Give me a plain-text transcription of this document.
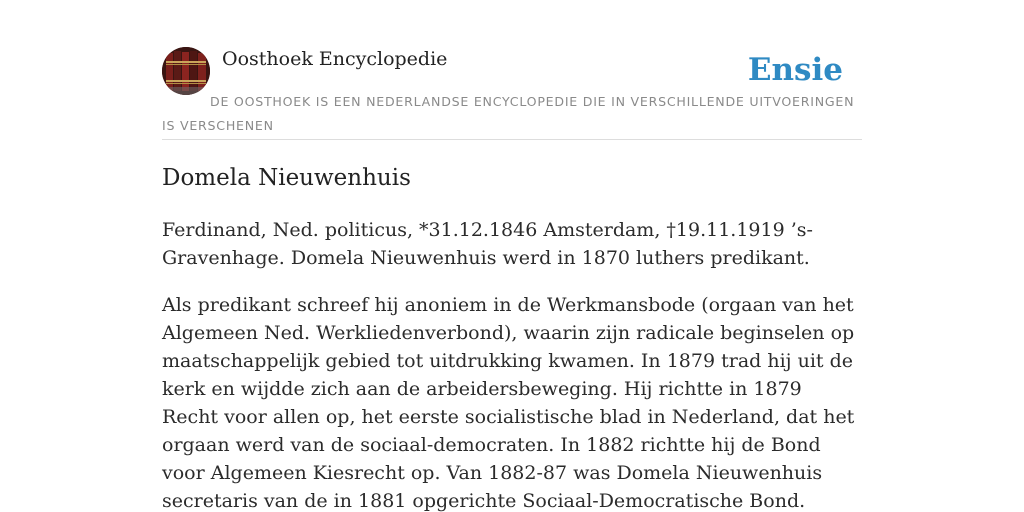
Oosthoek Encyclopedie	Ensie
DE OOSTHOEK IS EEN NEDERLANDSE ENCYCLOPEDIE DIE IN VERSCHILLENDE UITVOERINGEN IS VERSCHENEN
Domela Nieuwenhuis

Ferdinand, Ned. politicus, *31.12.1846 Amsterdam, †19.11.1919 ’s-Gravenhage. Domela Nieuwenhuis werd in 1870 luthers predikant.

Als predikant schreef hij anoniem in de Werkmansbode (orgaan van het Algemeen Ned. Werkliedenverbond), waarin zijn radicale beginselen op maatschappelijk gebied tot uitdrukking kwamen. In 1879 trad hij uit de kerk en wijdde zich aan de arbeidersbeweging. Hij richtte in 1879 Recht voor allen op, het eerste socialistische blad in Nederland, dat het orgaan werd van de sociaal-democraten. In 1882 richtte hij de Bond voor Algemeen Kiesrecht op. Van 1882-87 was Domela Nieuwenhuis secretaris van de in 1881 opgerichte Sociaal-Democratische Bond.
